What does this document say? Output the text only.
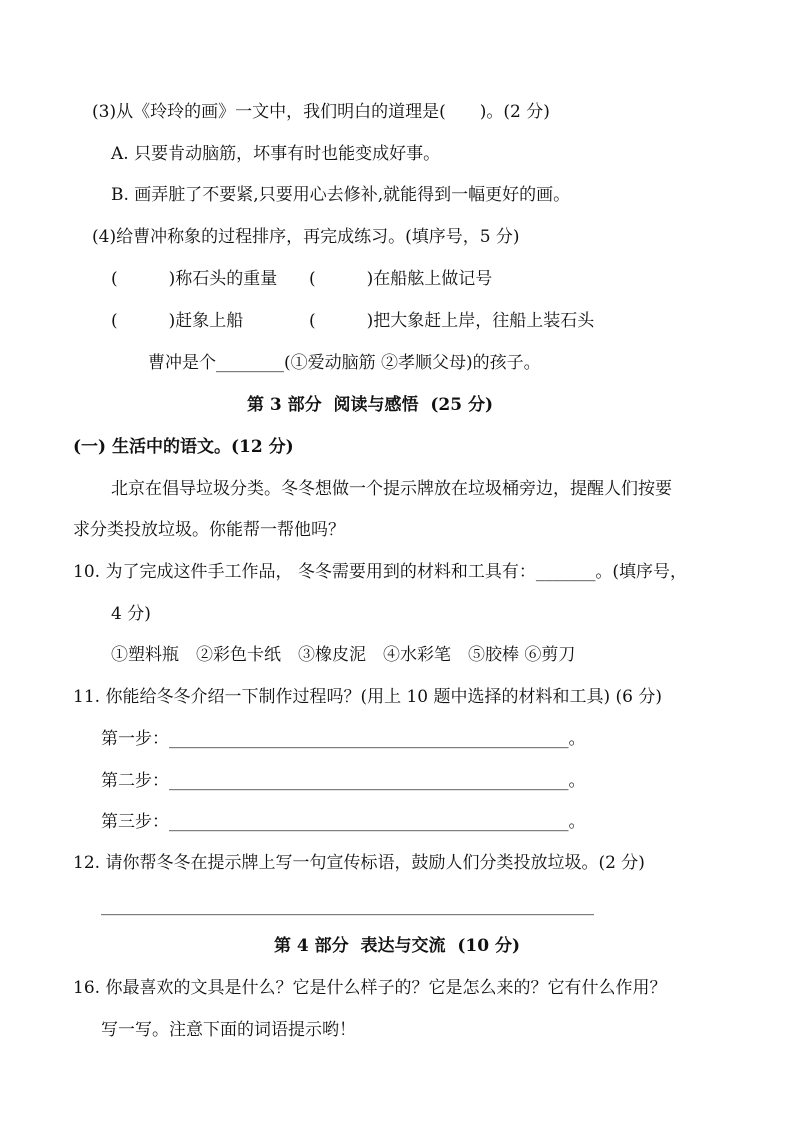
(3)从《玲玲的画》一文中，我们明白的道理是(　　)。(2 分)
A. 只要肯动脑筋，坏事有时也能变成好事。
B. 画弄脏了不要紧,只要用心去修补,就能得到一幅更好的画。
(4)给曹冲称象的过程排序，再完成练习。(填序号，5 分)
(　　　)称石头的重量 (　　　)在船舷上做记号
(　　　)赶象上船	(　　　)把大象赶上岸，往船上装石头
曹冲是个________(①爱动脑筋 ②孝顺父母)的孩子。
第 3 部分  阅读与感悟  (25 分)
(一) 生活中的语文。(12 分)
北京在倡导垃圾分类。冬冬想做一个提示牌放在垃圾桶旁边，提醒人们按要
求分类投放垃圾。你能帮一帮他吗？
10. 为了完成这件手工作品， 冬冬需要用到的材料和工具有：_______。(填序号，
4 分)
①塑料瓶　②彩色卡纸　③橡皮泥　④水彩笔　⑤胶棒 ⑥剪刀
11. 你能给冬冬介绍一下制作过程吗？(用上 10 题中选择的材料和工具) (6 分)
第一步：_______________________________________________。
第二步：_______________________________________________。
第三步：_______________________________________________。
12. 请你帮冬冬在提示牌上写一句宣传标语，鼓励人们分类投放垃圾。(2 分)
__________________________________________________________
第 4 部分  表达与交流  (10 分)
16. 你最喜欢的文具是什么？它是什么样子的？它是怎么来的？它有什么作用？
写一写。注意下面的词语提示哟！
